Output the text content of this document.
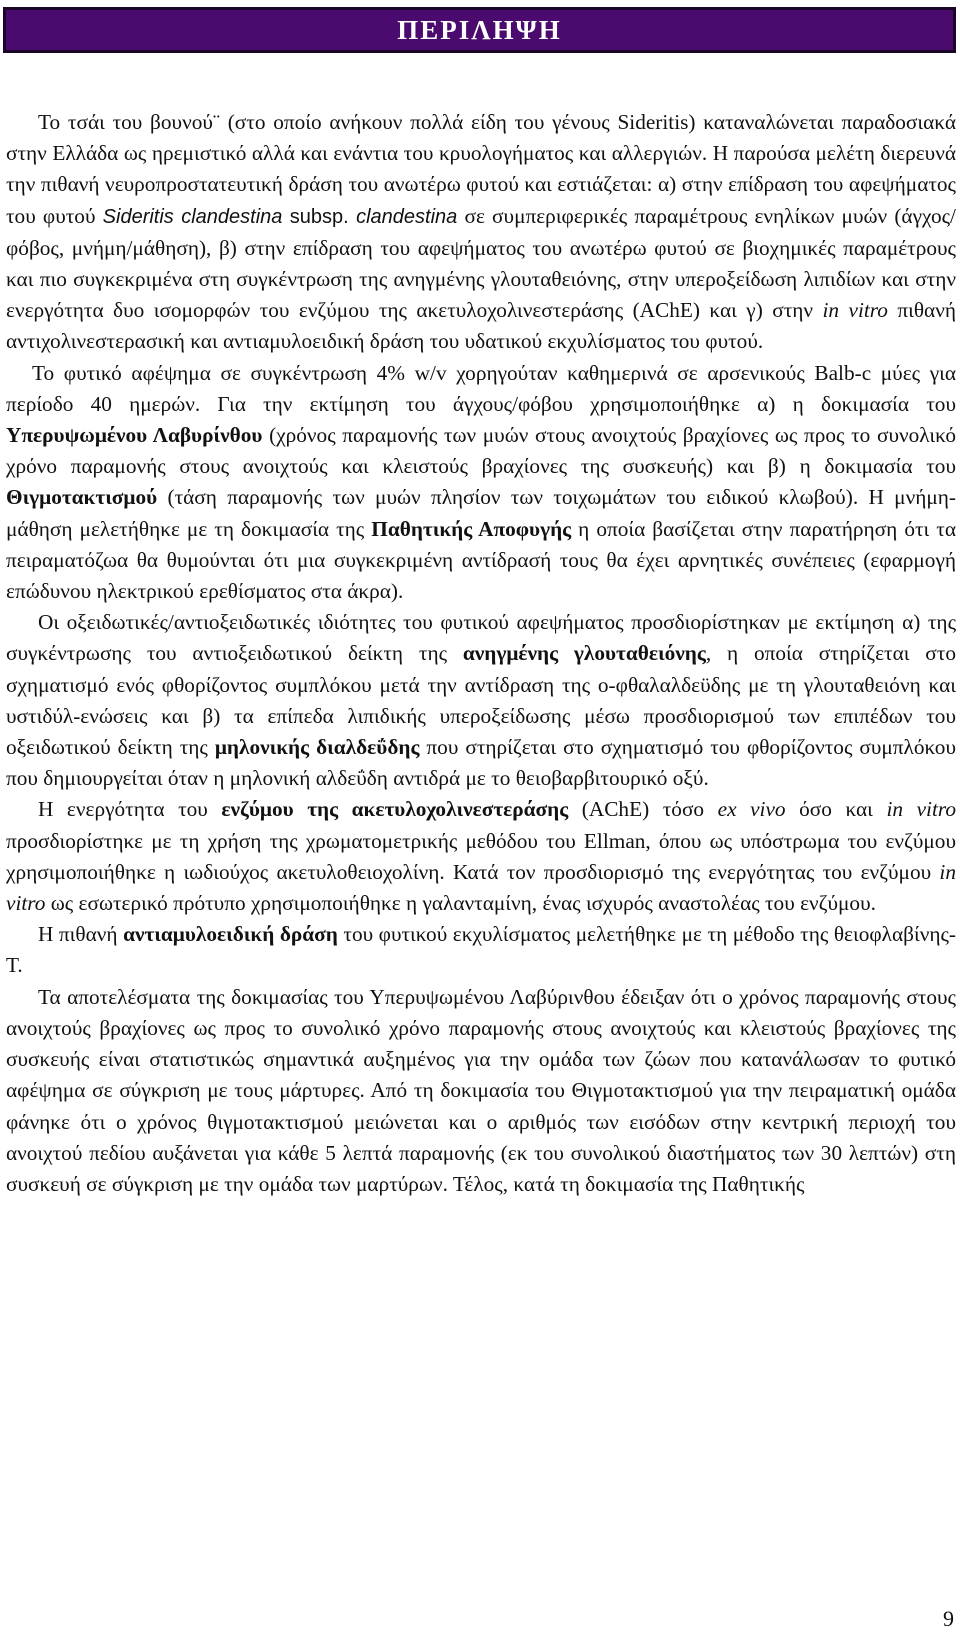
ΠΕΡΙΛΗΨΗ

Το τσάι του βουνού¨ (στο οποίο ανήκουν πολλά είδη του γένους Sideritis) καταναλώνεται παραδοσιακά στην Ελλάδα ως ηρεμιστικό αλλά και ενάντια του κρυολογήματος και αλλεργιών. Η παρούσα μελέτη διερευνά την πιθανή νευροπροστατευτική δράση του ανωτέρω φυτού και εστιάζεται: α) στην επίδραση του αφεψήματος του φυτού Sideritis clandestina subsp. clandestina σε συμπεριφερικές παραμέτρους ενηλίκων μυών (άγχος/φόβος, μνήμη/μάθηση), β) στην επίδραση του αφεψήματος του ανωτέρω φυτού σε βιοχημικές παραμέτρους και πιο συγκεκριμένα στη συγκέντρωση της ανηγμένης γλουταθειόνης, στην υπεροξείδωση λιπιδίων και στην ενεργότητα δυο ισομορφών του ενζύμου της ακετυλοχολινεστεράσης (AChE) και γ) στην in vitro πιθανή αντιχολινεστερασική και αντιαμυλοειδική δράση του υδατικού εκχυλίσματος του φυτού.

Το φυτικό αφέψημα σε συγκέντρωση 4% w/v χορηγούταν καθημερινά σε αρσενικούς Balb-c μύες για περίοδο 40 ημερών. Για την εκτίμηση του άγχους/φόβου χρησιμοποιήθηκε α) η δοκιμασία του Υπερυψωμένου Λαβυρίνθου (χρόνος παραμονής των μυών στους ανοιχτούς βραχίονες ως προς το συνολικό χρόνο παραμονής στους ανοιχτούς και κλειστούς βραχίονες της συσκευής) και β) η δοκιμασία του Θιγμοτακτισμού (τάση παραμονής των μυών πλησίον των τοιχωμάτων του ειδικού κλωβού). Η μνήμη-μάθηση μελετήθηκε με τη δοκιμασία της Παθητικής Αποφυγής η οποία βασίζεται στην παρατήρηση ότι τα πειραματόζωα θα θυμούνται ότι μια συγκεκριμένη αντίδρασή τους θα έχει αρνητικές συνέπειες (εφαρμογή επώδυνου ηλεκτρικού ερεθίσματος στα άκρα).

Οι οξειδωτικές/αντιοξειδωτικές ιδιότητες του φυτικού αφεψήματος προσδιορίστηκαν με εκτίμηση α) της συγκέντρωσης του αντιοξειδωτικού δείκτη της ανηγμένης γλουταθειόνης, η οποία στηρίζεται στο σχηματισμό ενός φθορίζοντος συμπλόκου μετά την αντίδραση της ο-φθαλαλδεϋδης με τη γλουταθειόνη και υστιδύλ-ενώσεις και β) τα επίπεδα λιπιδικής υπεροξείδωσης μέσω προσδιορισμού των επιπέδων του οξειδωτικού δείκτη της μηλονικής διαλδεΰδης που στηρίζεται στο σχηματισμό του φθορίζοντος συμπλόκου που δημιουργείται όταν η μηλονική αλδεΰδη αντιδρά με το θειοβαρβιτουρικό οξύ.

Η ενεργότητα του ενζύμου της ακετυλοχολινεστεράσης (AChE) τόσο ex vivo όσο και in vitro προσδιορίστηκε με τη χρήση της χρωματομετρικής μεθόδου του Ellman, όπου ως υπόστρωμα του ενζύμου χρησιμοποιήθηκε η ιωδιούχος ακετυλοθειοχολίνη. Κατά τον προσδιορισμό της ενεργότητας του ενζύμου in vitro ως εσωτερικό πρότυπο χρησιμοποιήθηκε η γαλανταμίνη, ένας ισχυρός αναστολέας του ενζύμου.

Η πιθανή αντιαμυλοειδική δράση του φυτικού εκχυλίσματος μελετήθηκε με τη μέθοδο της θειοφλαβίνης-Τ.

Τα αποτελέσματα της δοκιμασίας του Υπερυψωμένου Λαβύρινθου έδειξαν ότι ο χρόνος παραμονής στους ανοιχτούς βραχίονες ως προς το συνολικό χρόνο παραμονής στους ανοιχτούς και κλειστούς βραχίονες της συσκευής είναι στατιστικώς σημαντικά αυξημένος για την ομάδα των ζώων που κατανάλωσαν το φυτικό αφέψημα σε σύγκριση με τους μάρτυρες. Από τη δοκιμασία του Θιγμοτακτισμού για την πειραματική ομάδα φάνηκε ότι ο χρόνος θιγμοτακτισμού μειώνεται και ο αριθμός των εισόδων στην κεντρική περιοχή του ανοιχτού πεδίου αυξάνεται για κάθε 5 λεπτά παραμονής (εκ του συνολικού διαστήματος των 30 λεπτών) στη συσκευή σε σύγκριση με την ομάδα των μαρτύρων. Τέλος, κατά τη δοκιμασία της Παθητικής

9
